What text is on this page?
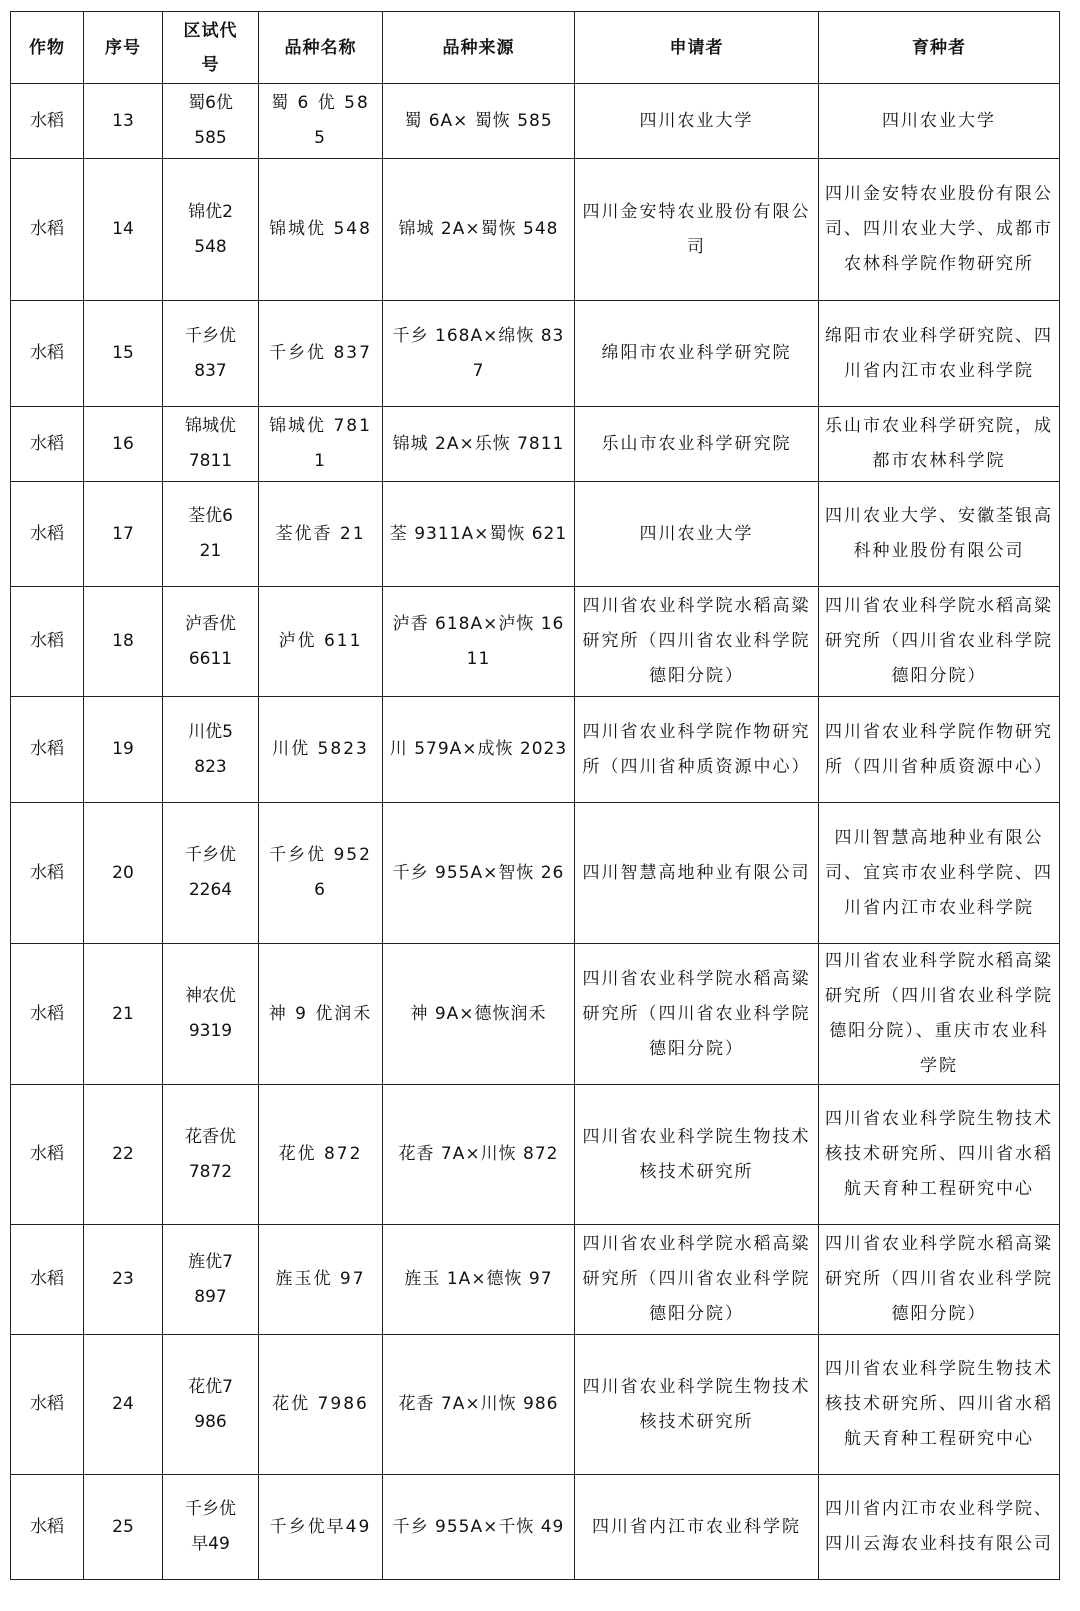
作物	序号	区试代号	品种名称	品种来源	申请者	育种者
水稻	13	蜀6优585	蜀 6 优 585	蜀 6A× 蜀恢 585	四川农业大学	四川农业大学
水稻	14	锦优2548	锦城优 548	锦城 2A×蜀恢 548	四川金安特农业股份有限公司	四川金安特农业股份有限公司、四川农业大学、成都市农林科学院作物研究所
水稻	15	千乡优837	千乡优 837	千乡 168A×绵恢 837	绵阳市农业科学研究院	绵阳市农业科学研究院、四川省内江市农业科学院
水稻	16	锦城优7811	锦城优 7811	锦城 2A×乐恢 7811	乐山市农业科学研究院	乐山市农业科学研究院，成都市农林科学院
水稻	17	荃优621	荃优香 21	荃 9311A×蜀恢 621	四川农业大学	四川农业大学、安徽荃银高科种业股份有限公司
水稻	18	泸香优6611	泸优 611	泸香 618A×泸恢 1611	四川省农业科学院水稻高粱研究所（四川省农业科学院德阳分院）	四川省农业科学院水稻高粱研究所（四川省农业科学院德阳分院）
水稻	19	川优5823	川优 5823	川 579A×成恢 2023	四川省农业科学院作物研究所（四川省种质资源中心）	四川省农业科学院作物研究所（四川省种质资源中心）
水稻	20	千乡优2264	千乡优 9526	千乡 955A×智恢 26	四川智慧高地种业有限公司	四川智慧高地种业有限公司、宜宾市农业科学院、四川省内江市农业科学院
水稻	21	神农优9319	神 9 优润禾	神 9A×德恢润禾	四川省农业科学院水稻高粱研究所（四川省农业科学院德阳分院）	四川省农业科学院水稻高粱研究所（四川省农业科学院德阳分院）、重庆市农业科学院
水稻	22	花香优7872	花优 872	花香 7A×川恢 872	四川省农业科学院生物技术核技术研究所	四川省农业科学院生物技术核技术研究所、四川省水稻航天育种工程研究中心
水稻	23	旌优7897	旌玉优 97	旌玉 1A×德恢 97	四川省农业科学院水稻高粱研究所（四川省农业科学院德阳分院）	四川省农业科学院水稻高粱研究所（四川省农业科学院德阳分院）
水稻	24	花优7986	花优 7986	花香 7A×川恢 986	四川省农业科学院生物技术核技术研究所	四川省农业科学院生物技术核技术研究所、四川省水稻航天育种工程研究中心
水稻	25	千乡优早49	千乡优早49	千乡 955A×千恢 49	四川省内江市农业科学院	四川省内江市农业科学院、四川云海农业科技有限公司
